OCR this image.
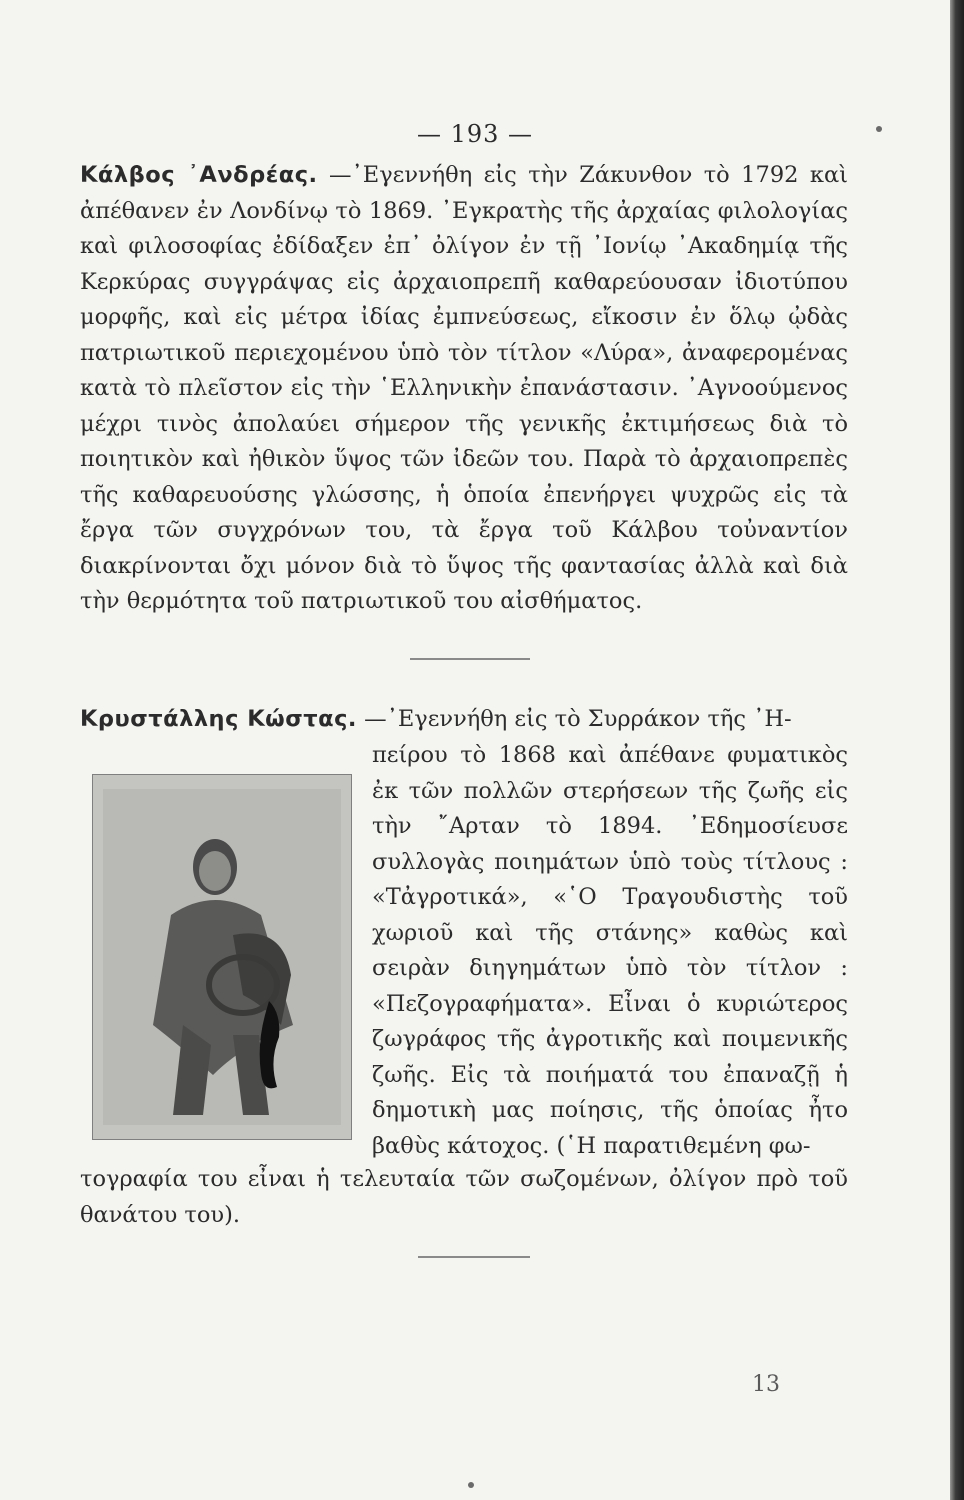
— 193 —
Κάλβος ᾿Ανδρέας. —᾿Εγεννήθη εἰς τὴν Ζάκυνθον τὸ 1792 καὶ ἀπέθανεν ἐν Λονδίνῳ τὸ 1869. ᾿Εγκρατὴς τῆς ἀρχαίας φιλολογίας καὶ φιλοσοφίας ἐδίδαξεν ἐπ᾿ ὀλίγον ἐν τῇ ᾿Ιονίῳ ᾿Ακαδημίᾳ τῆς Κερκύρας συγγράψας εἰς ἀρχαιοπρεπῆ καθαρεύουσαν ἰδιοτύπου μορφῆς, καὶ εἰς μέτρα ἰδίας ἐμπνεύσεως, εἴκοσιν ἐν ὅλῳ ᾠδὰς πατριωτικοῦ περιεχομένου ὑπὸ τὸν τίτλον «Λύρα», ἀναφερομένας κατὰ τὸ πλεῖστον εἰς τὴν ῾Ελληνικὴν ἐπανάστασιν. ᾿Αγνοούμενος μέχρι τινὸς ἀπολαύει σήμερον τῆς γενικῆς ἐκτιμήσεως διὰ τὸ ποιητικὸν καὶ ἠθικὸν ὕψος τῶν ἰδεῶν του. Παρὰ τὸ ἀρχαιοπρεπὲς τῆς καθαρευούσης γλώσσης, ἡ ὁποία ἐπενήργει ψυχρῶς εἰς τὰ ἔργα τῶν συγχρόνων του, τὰ ἔργα τοῦ Κάλβου τοὐναντίον διακρίνονται ὄχι μόνον διὰ τὸ ὕψος τῆς φαντασίας ἀλλὰ καὶ διὰ τὴν θερμότητα τοῦ πατριωτικοῦ του αἰσθήματος.
Κρυστάλλης Κώστας. —᾿Εγεννήθη εἰς τὸ Συρράκον τῆς ᾿Η-
πείρου τὸ 1868 καὶ ἀπέθανε φυματικὸς ἐκ τῶν πολλῶν στερήσεων τῆς ζωῆς εἰς τὴν ῎Αρταν τὸ 1894. ᾿Εδημοσίευσε συλλογὰς ποιημάτων ὑπὸ τοὺς τίτλους : «Τἀγροτικά», «῾Ο Τραγουδιστὴς τοῦ χωριοῦ καὶ τῆς στάνης» καθὼς καὶ σειρὰν διηγημάτων ὑπὸ τὸν τίτλον : «Πεζογραφήματα». Εἶναι ὁ κυριώτερος ζωγράφος τῆς ἀγροτικῆς καὶ ποιμενικῆς ζωῆς. Εἰς τὰ ποιήματά του ἐπαναζῇ ἡ δημοτικὴ μας ποίησις, τῆς ὁποίας ἦτο βαθὺς κάτοχος. (῾Η παρατιθεμένη φω-
τογραφία του εἶναι ἡ τελευταία τῶν σωζομένων, ὀλίγον πρὸ τοῦ θανάτου του).
13
